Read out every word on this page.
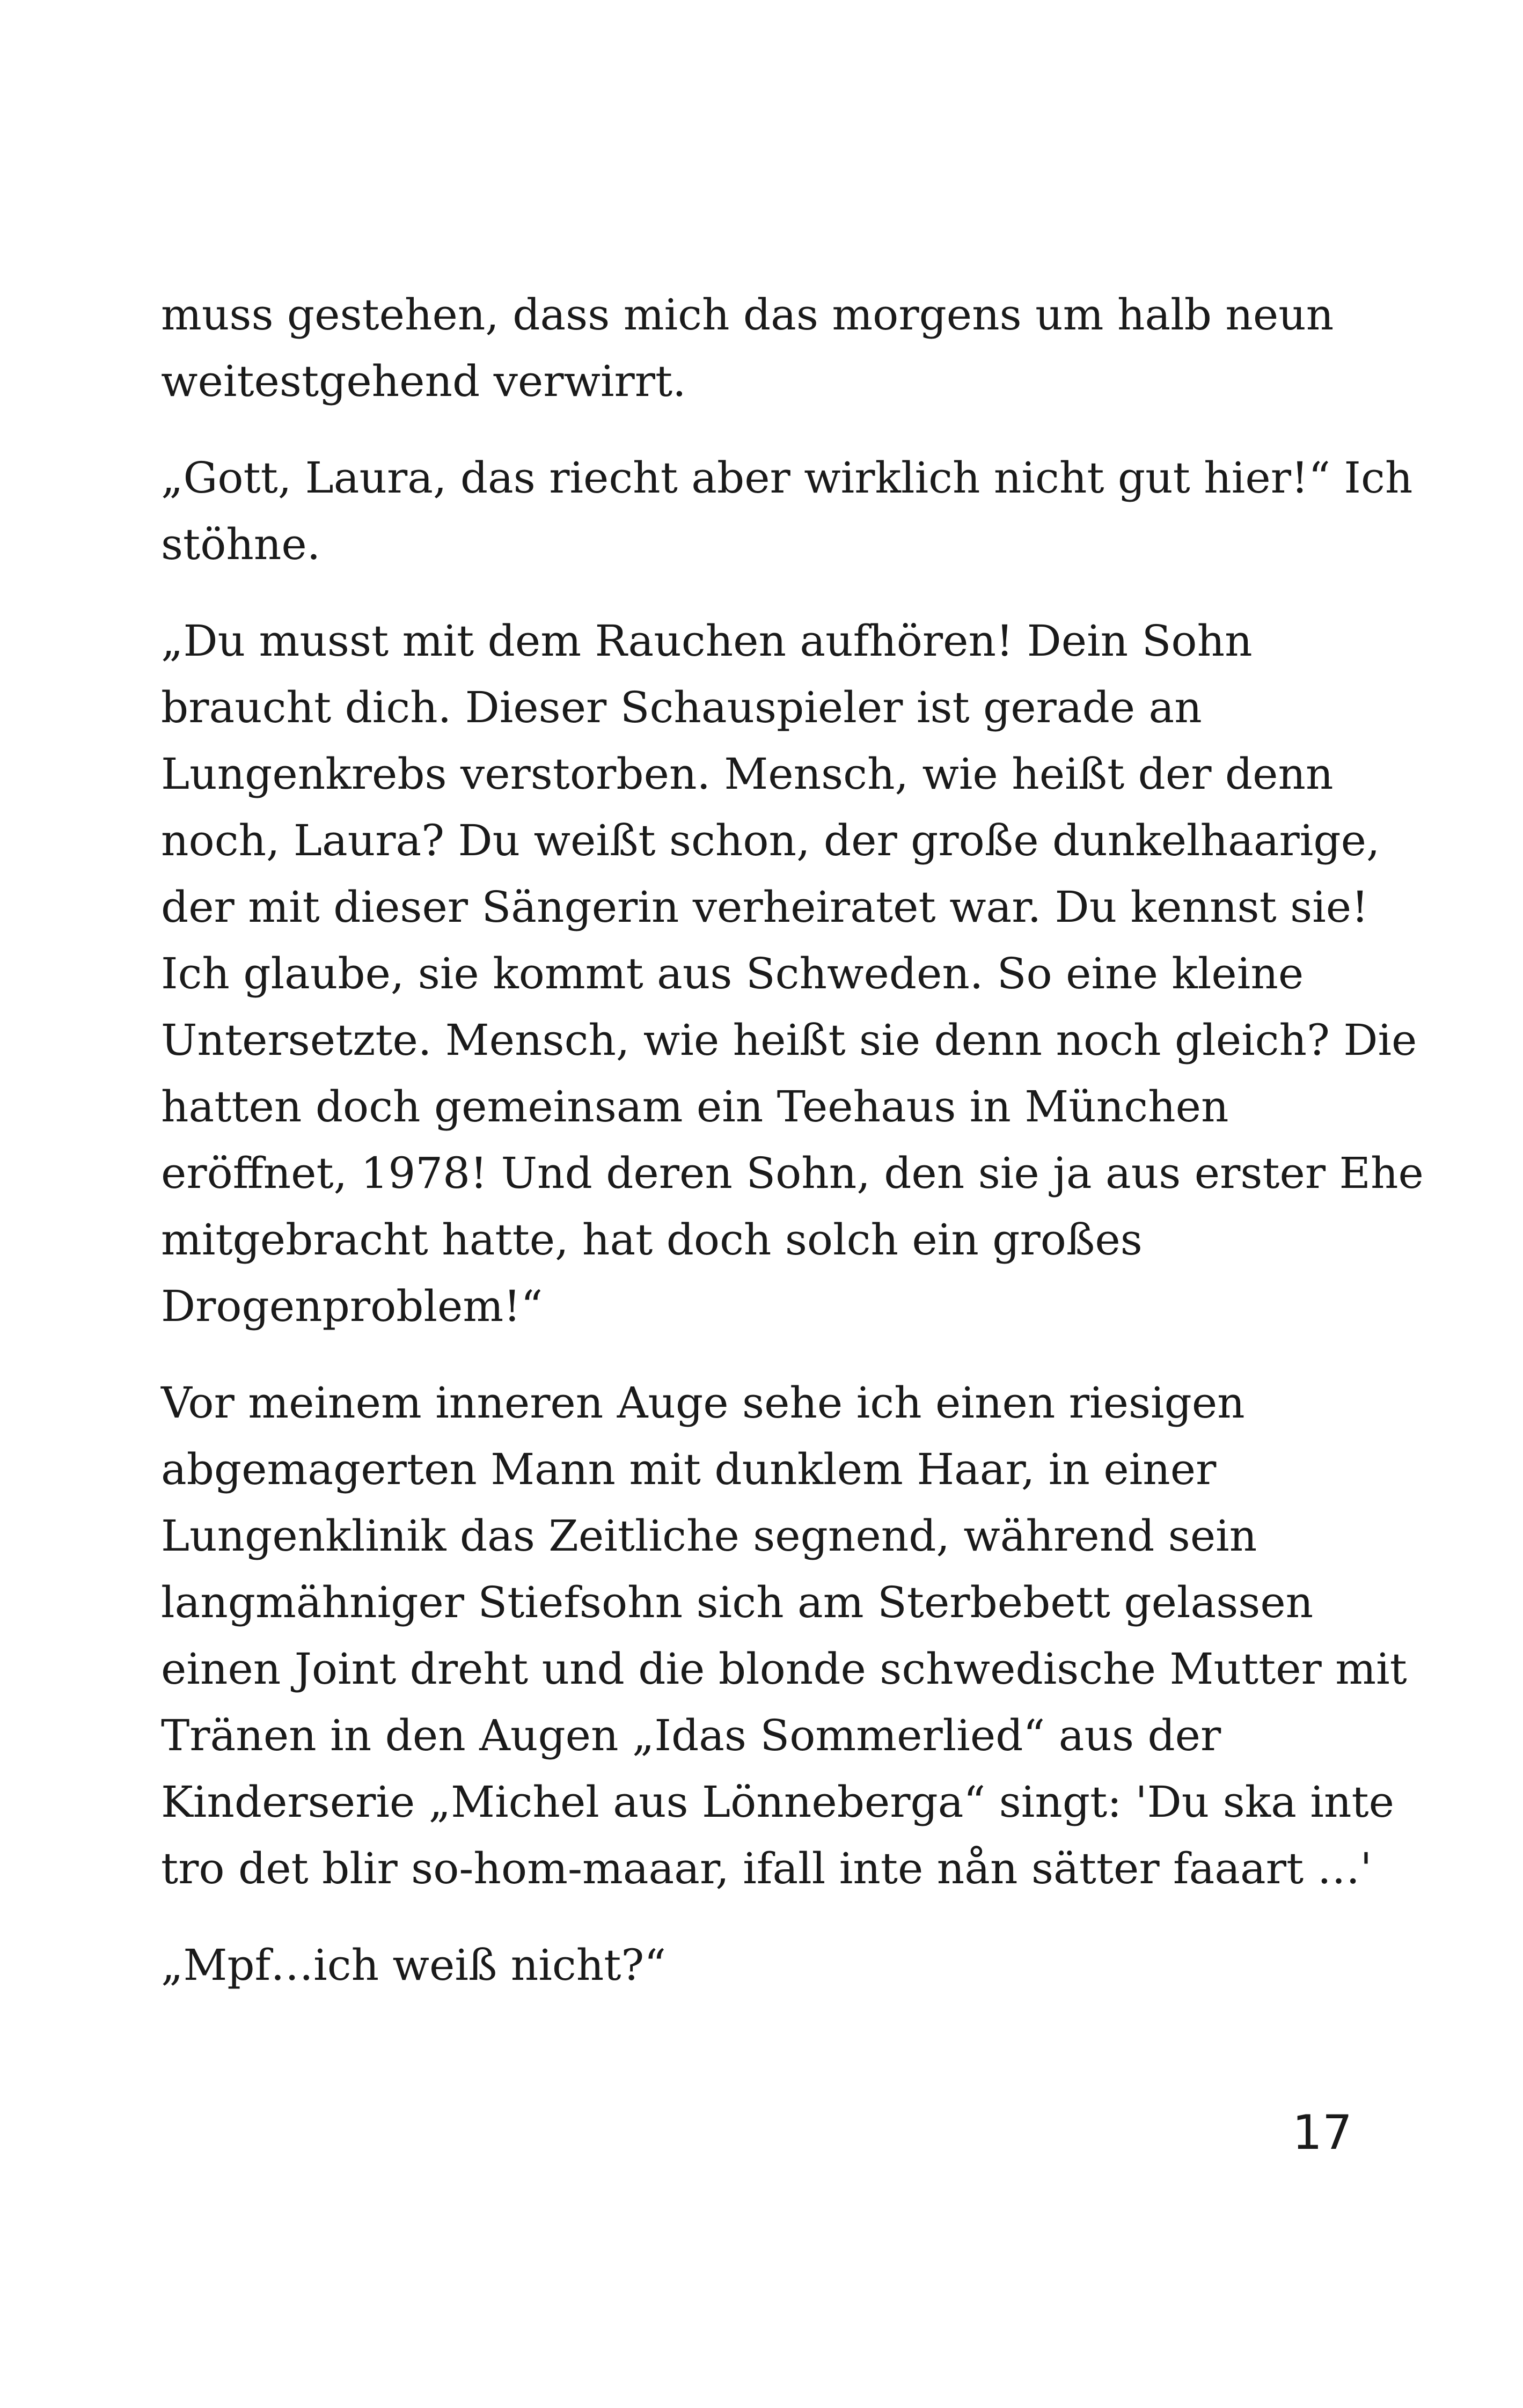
muss gestehen, dass mich das morgens um halb neun
weitestgehend verwirrt.

„Gott, Laura, das riecht aber wirklich nicht gut hier!“ Ich
stöhne.

„Du musst mit dem Rauchen aufhören! Dein Sohn
braucht dich. Dieser Schauspieler ist gerade an
Lungenkrebs verstorben. Mensch, wie heißt der denn
noch, Laura? Du weißt schon, der große dunkelhaarige,
der mit dieser Sängerin verheiratet war. Du kennst sie!
Ich glaube, sie kommt aus Schweden. So eine kleine
Untersetzte. Mensch, wie heißt sie denn noch gleich? Die
hatten doch gemeinsam ein Teehaus in München
eröffnet, 1978! Und deren Sohn, den sie ja aus erster Ehe
mitgebracht hatte, hat doch solch ein großes
Drogenproblem!“

Vor meinem inneren Auge sehe ich einen riesigen
abgemagerten Mann mit dunklem Haar, in einer
Lungenklinik das Zeitliche segnend, während sein
langmähniger Stiefsohn sich am Sterbebett gelassen
einen Joint dreht und die blonde schwedische Mutter mit
Tränen in den Augen „Idas Sommerlied“ aus der
Kinderserie „Michel aus Lönneberga“ singt: 'Du ska inte
tro det blir so-hom-maaar, ifall inte nån sätter faaart …'

„Mpf…ich weiß nicht?“

17
